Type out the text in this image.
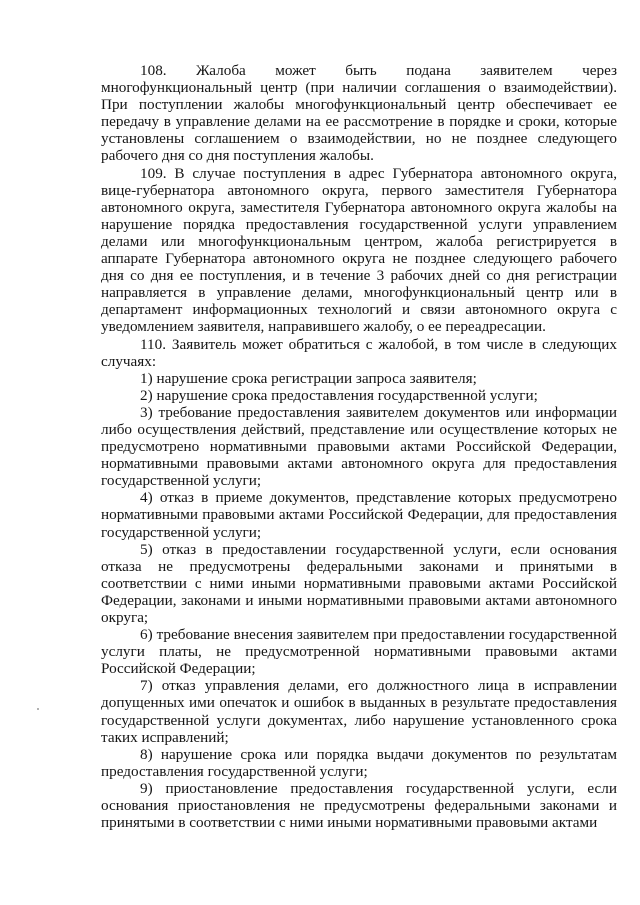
108. Жалоба может быть подана заявителем через многофункциональный центр (при наличии соглашения о взаимодействии). При поступлении жалобы многофункциональный центр обеспечивает ее передачу в управление делами на ее рассмотрение в порядке и сроки, которые установлены соглашением о взаимодействии, но не позднее следующего рабочего дня со дня поступления жалобы.

109. В случае поступления в адрес Губернатора автономного округа, вице-губернатора автономного округа, первого заместителя Губернатора автономного округа, заместителя Губернатора автономного округа жалобы на нарушение порядка предоставления государственной услуги управлением делами или многофункциональным центром, жалоба регистрируется в аппарате Губернатора автономного округа не позднее следующего рабочего дня со дня ее поступления, и в течение 3 рабочих дней со дня регистрации направляется в управление делами, многофункциональный центр или в департамент информационных технологий и связи автономного округа с уведомлением заявителя, направившего жалобу, о ее переадресации.

110. Заявитель может обратиться с жалобой, в том числе в следующих случаях:

1) нарушение срока регистрации запроса заявителя;

2) нарушение срока предоставления государственной услуги;

3) требование предоставления заявителем документов или информации либо осуществления действий, представление или осуществление которых не предусмотрено нормативными правовыми актами Российской Федерации, нормативными правовыми актами автономного округа для предоставления государственной услуги;

4) отказ в приеме документов, представление которых предусмотрено нормативными правовыми актами Российской Федерации, для предоставления государственной услуги;

5) отказ в предоставлении государственной услуги, если основания отказа не предусмотрены федеральными законами и принятыми в соответствии с ними иными нормативными правовыми актами Российской Федерации, законами и иными нормативными правовыми актами автономного округа;

6) требование внесения заявителем при предоставлении государственной услуги платы, не предусмотренной нормативными правовыми актами Российской Федерации;

7) отказ управления делами, его должностного лица в исправлении допущенных ими опечаток и ошибок в выданных в результате предоставления государственной услуги документах, либо нарушение установленного срока таких исправлений;

8) нарушение срока или порядка выдачи документов по результатам предоставления государственной услуги;

9) приостановление предоставления государственной услуги, если основания приостановления не предусмотрены федеральными законами и принятыми в соответствии с ними иными нормативными правовыми актами
